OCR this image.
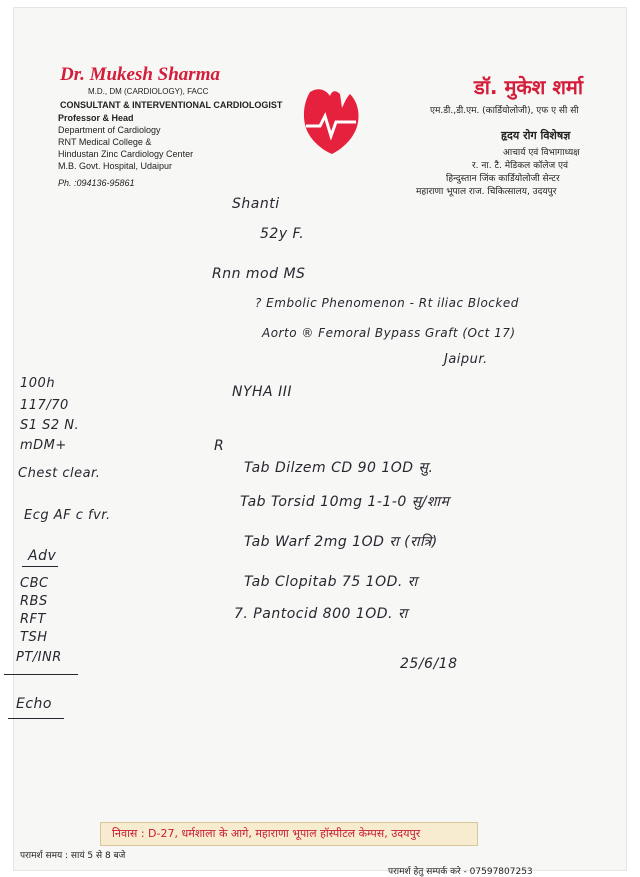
Dr. Mukesh Sharma
M.D., DM (CARDIOLOGY), FACC
CONSULTANT & INTERVENTIONAL CARDIOLOGIST
Professor & Head
Department of Cardiology
RNT Medical College &
Hindustan Zinc Cardiology Center
M.B. Govt. Hospital, Udaipur
Ph. :094136-95861
डॉ. मुकेश शर्मा
एम.डी.,डी.एम. (कार्डियोलोजी), एफ ए सी सी
हृदय रोग विशेषज्ञ
आचार्य एवं विभागाध्यक्ष
र. ना. टै. मेडिकल कॉलेज एवं
हिन्दुस्तान जिंक कार्डियोलोजी सेन्टर
महाराणा भूपाल राज. चिकित्सालय, उदयपुर
Shanti
52y F.
Rnn mod MS
? Embolic Phenomenon - Rt iliac Blocked
Aorto ® Femoral Bypass Graft (Oct 17)
Jaipur.
NYHA III
R
Tab Dilzem CD 90 1OD सु.
Tab Torsid 10mg 1-1-0 सु/शाम
Tab Warf 2mg 1OD रा (रात्रि)
Tab Clopitab 75 1OD. रा
7. Pantocid 800 1OD. रा
25/6/18
100h
117/70
S1 S2 N.
mDM+
Chest clear.
Ecg AF c fvr.
Adv
CBC
RBS
RFT
TSH
PT/INR
Echo
निवास : D-27, धर्मशाला के आगे, महाराणा भूपाल हॉस्पीटल केम्पस, उदयपुर
परामर्श समय : सायं 5 से 8 बजे
परामर्श हेतु सम्पर्क करे - 07597807253
